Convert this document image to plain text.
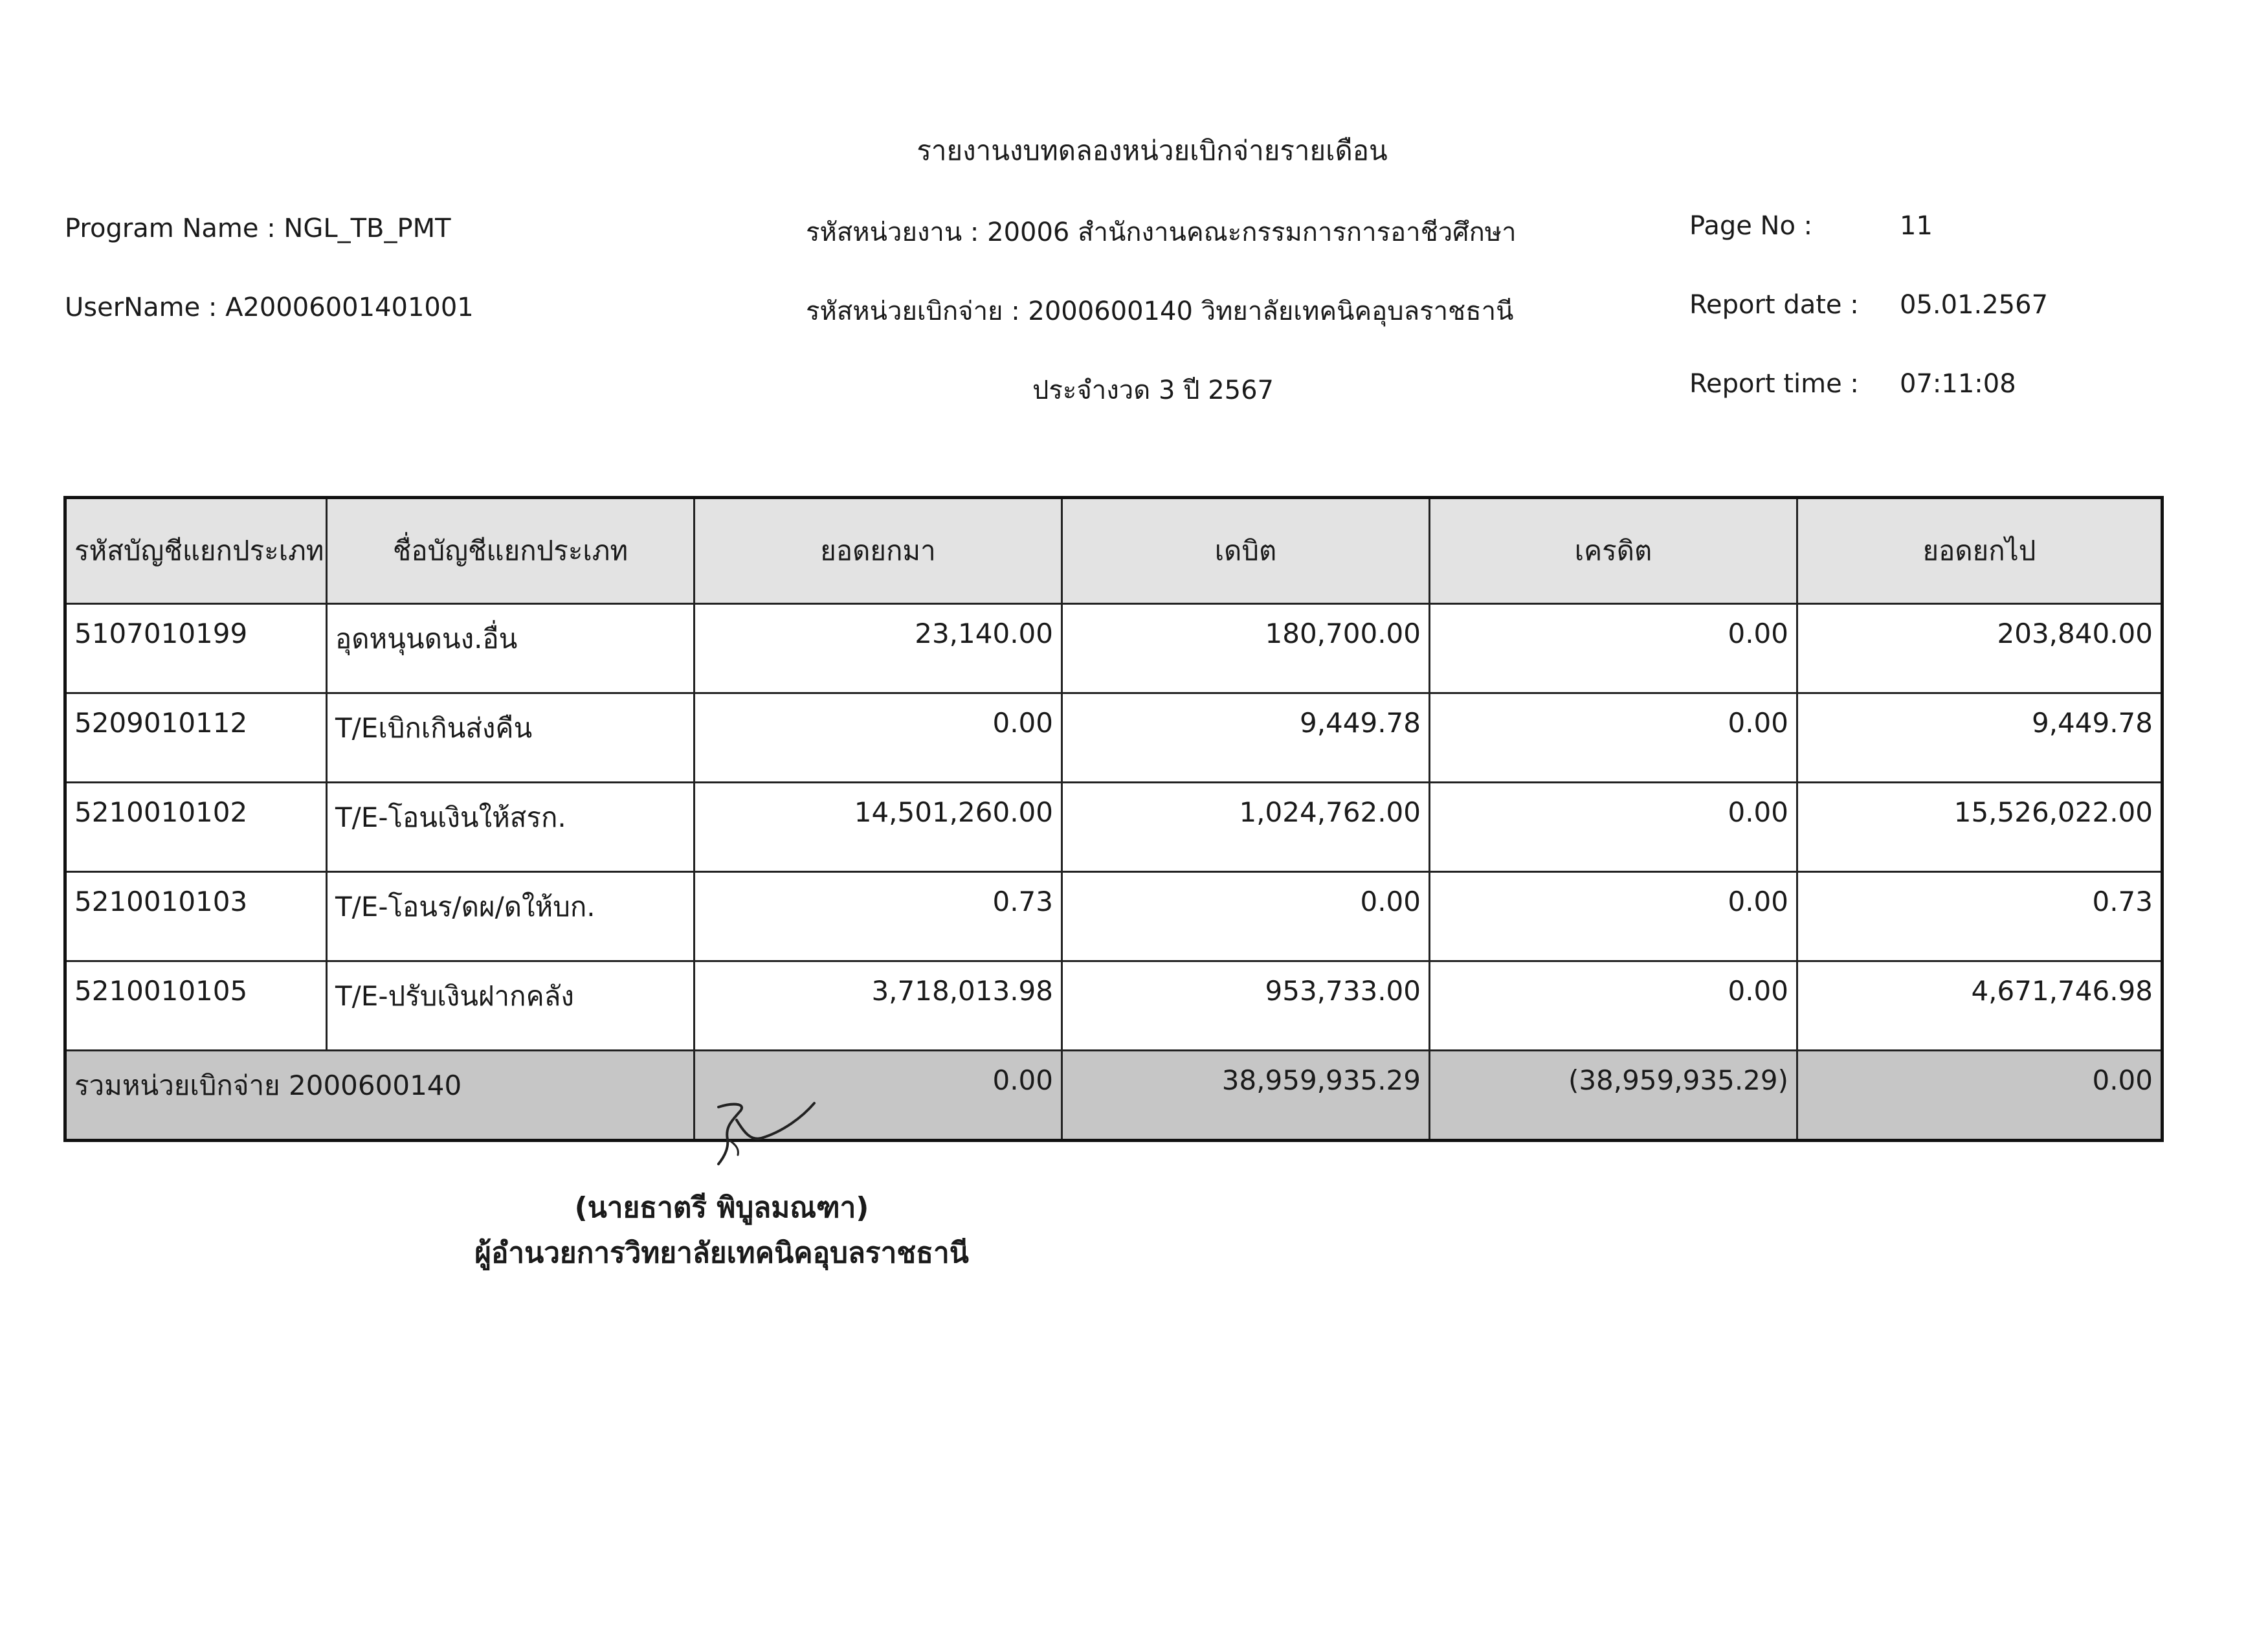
รายงานงบทดลองหน่วยเบิกจ่ายรายเดือน
Program Name : NGL_TB_PMT
UserName : A20006001401001
รหัสหน่วยงาน : 20006 สำนักงานคณะกรรมการการอาชีวศึกษา
รหัสหน่วยเบิกจ่าย : 2000600140 วิทยาลัยเทคนิคอุบลราชธานี
ประจำงวด 3 ปี 2567
Page No :	11
Report date : 05.01.2567
Report time : 07:11:08
รหัสบัญชีแยกประเภท	ชื่อบัญชีแยกประเภท	ยอดยกมา	เดบิต	เครดิต	ยอดยกไป
5107010199	อุดหนุนดนง.อื่น	23,140.00	180,700.00	0.00	203,840.00
5209010112	T/Eเบิกเกินส่งคืน	0.00	9,449.78	0.00	9,449.78
5210010102	T/E-โอนเงินให้สรก.	14,501,260.00	1,024,762.00	0.00	15,526,022.00
5210010103	T/E-โอนร/ดผ/ดให้บก.	0.73	0.00	0.00	0.73
5210010105	T/E-ปรับเงินฝากคลัง	3,718,013.98	953,733.00	0.00	4,671,746.98
รวมหน่วยเบิกจ่าย 2000600140		0.00	38,959,935.29	(38,959,935.29)	0.00
(นายธาตรี พิบูลมณฑา)
ผู้อำนวยการวิทยาลัยเทคนิคอุบลราชธานี
